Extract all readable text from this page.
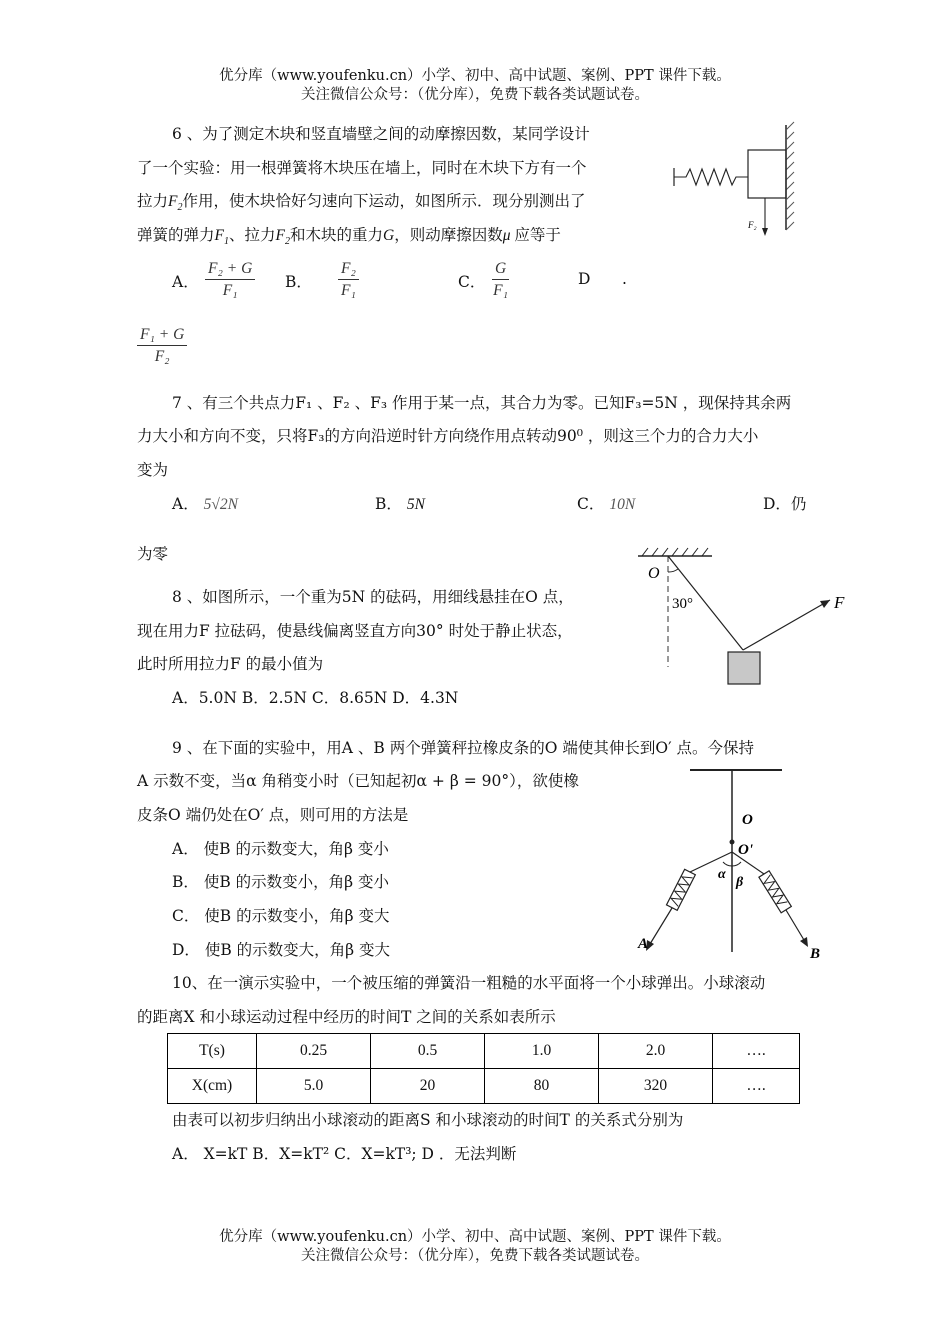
优分库（www.youfenku.cn）小学、初中、高中试题、案例、PPT 课件下载。
关注微信公众号：（优分库），免费下载各类试题试卷。
6 、为了测定木块和竖直墙壁之间的动摩擦因数，某同学设计
了一个实验：用一根弹簧将木块压在墙上，同时在木块下方有一个
拉力$F_2$作用，使木块恰好匀速向下运动，如图所示．现分别测出了
弹簧的弹力$F_1$、拉力$F_2$和木块的重力G，则动摩擦因数μ 应等于
A． $\frac{\text{F₂ + G}}{\text{F₁}}$ B． $\frac{\text{F₂}}{\text{F₁}}$	C． $\frac{G}{\text{F₁}}$	D .
$\frac{\text{F₁ + G}}{\text{F₂}}$
F₂
7 、有三个共点力F₁ 、F₂ 、F₃ 作用于某一点，其合力为零。已知F₃=5N ，现保持其余两
力大小和方向不变，只将F₃的方向沿逆时针方向绕作用点转动90⁰ ，则这三个力的合力大小
变为
A． 5√2N	B． 5N	C． 10N	D．仍
为零
8 、如图所示，一个重为5N 的砝码，用细线悬挂在O 点，
现在用力F 拉砝码，使悬线偏离竖直方向30° 时处于静止状态，
此时所用拉力F 的最小值为
A．5.0N B．2.5N C．8.65N D．4.3N
O
30°	F
9 、在下面的实验中，用A 、B 两个弹簧秤拉橡皮条的O 端使其伸长到O′ 点。今保持
A 示数不变，当α 角稍变小时（已知起初α + β = 90°），欲使橡
皮条O 端仍处在O′ 点，则可用的方法是
A． 使B 的示数变大，角β 变小
B． 使B 的示数变小，角β 变小
C． 使B 的示数变小，角β 变大
D． 使B 的示数变大，角β 变大
O
O'
α
β
A
B
10、在一演示实验中，一个被压缩的弹簧沿一粗糙的水平面将一个小球弹出。小球滚动
的距离X 和小球运动过程中经历的时间T 之间的关系如表所示
T(s)	0.25	0.5	1.0	2.0	….
X(cm)	5.0	20	80	320	….
由表可以初步归纳出小球滚动的距离S 和小球滚动的时间T 的关系式分别为
A． X=kT B．X=kT² C．X=kT³; D ．无法判断
优分库（www.youfenku.cn）小学、初中、高中试题、案例、PPT 课件下载。
关注微信公众号：（优分库），免费下载各类试题试卷。
